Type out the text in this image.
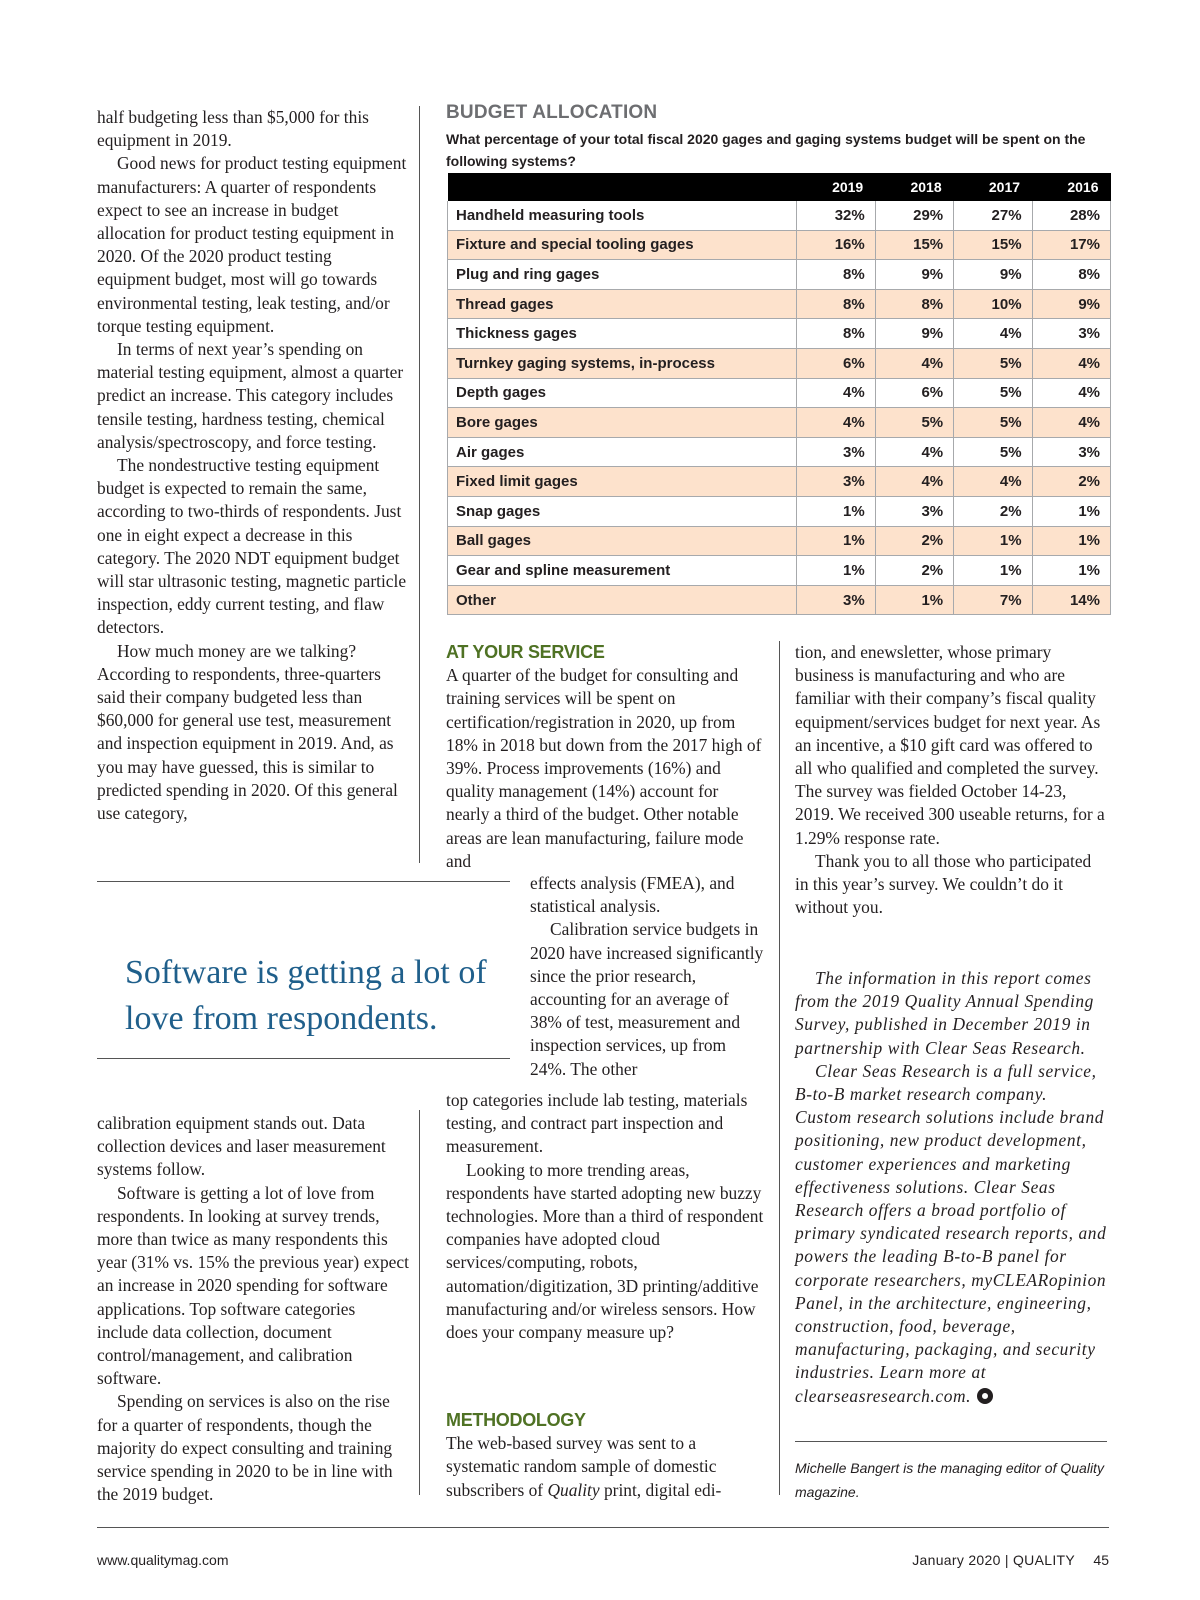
half budgeting less than $5,000 for this equipment in 2019.

Good news for product testing equipment manufacturers: A quarter of respondents expect to see an increase in budget allocation for product testing equipment in 2020. Of the 2020 product testing equipment budget, most will go towards environmental testing, leak testing, and/or torque testing equipment.

In terms of next year’s spending on material testing equipment, almost a quarter predict an increase. This category includes tensile testing, hardness testing, chemical analysis/spectroscopy, and force testing.

The nondestructive testing equipment budget is expected to remain the same, according to two-thirds of respondents. Just one in eight expect a decrease in this category. The 2020 NDT equipment budget will star ultrasonic testing, magnetic particle inspection, eddy current testing, and flaw detectors.

How much money are we talking? According to respondents, three-quarters said their company budgeted less than $60,000 for general use test, measurement and inspection equipment in 2019. And, as you may have guessed, this is similar to predicted spending in 2020. Of this general use category,

Software is getting a lot of love from respondents.

calibration equipment stands out. Data collection devices and laser measurement systems follow.

Software is getting a lot of love from respondents. In looking at survey trends, more than twice as many respondents this year (31% vs. 15% the previous year) expect an increase in 2020 spending for software applications. Top software categories include data collection, document control/management, and calibration software.

Spending on services is also on the rise for a quarter of respondents, though the majority do expect consulting and training service spending in 2020 to be in line with the 2019 budget.

BUDGET ALLOCATION
What percentage of your total fiscal 2020 gages and gaging systems budget will be spent on the following systems?
	2019	2018	2017	2016
Handheld measuring tools	32%	29%	27%	28%
Fixture and special tooling gages	16%	15%	15%	17%
Plug and ring gages	8%	9%	9%	8%
Thread gages	8%	8%	10%	9%
Thickness gages	8%	9%	4%	3%
Turnkey gaging systems, in-process	6%	4%	5%	4%
Depth gages	4%	6%	5%	4%
Bore gages	4%	5%	5%	4%
Air gages	3%	4%	5%	3%
Fixed limit gages	3%	4%	4%	2%
Snap gages	1%	3%	2%	1%
Ball gages	1%	2%	1%	1%
Gear and spline measurement	1%	2%	1%	1%
Other	3%	1%	7%	14%
AT YOUR SERVICE

A quarter of the budget for consulting and training services will be spent on certification/registration in 2020, up from 18% in 2018 but down from the 2017 high of 39%. Process improvements (16%) and quality management (14%) account for nearly a third of the budget. Other notable areas are lean manufacturing, failure mode and

effects analysis (FMEA), and statistical analysis.

Calibration service budgets in 2020 have increased significantly since the prior research, accounting for an average of 38% of test, measurement and inspection services, up from 24%. The other

top categories include lab testing, materials testing, and contract part inspection and measurement.

Looking to more trending areas, respondents have started adopting new buzzy technologies. More than a third of respondent companies have adopted cloud services/computing, robots, automation/digitization, 3D printing/additive manufacturing and/or wireless sensors. How does your company measure up?

METHODOLOGY

The web-based survey was sent to a systematic random sample of domestic subscribers of Quality print, digital edi-

tion, and enewsletter, whose primary business is manufacturing and who are familiar with their company’s fiscal quality equipment/services budget for next year. As an incentive, a $10 gift card was offered to all who qualified and completed the survey. The survey was fielded October 14-23, 2019. We received 300 useable returns, for a 1.29% response rate.

Thank you to all those who participated in this year’s survey. We couldn’t do it without you.

The information in this report comes from the 2019 Quality Annual Spending Survey, published in December 2019 in partnership with Clear Seas Research.

Clear Seas Research is a full service, B-to-B market research company. Custom research solutions include brand positioning, new product development, customer experiences and marketing effectiveness solutions. Clear Seas Research offers a broad portfolio of primary syndicated research reports, and powers the leading B-to-B panel for corporate researchers, myCLEARopinion Panel, in the architecture, engineering, construction, food, beverage, manufacturing, packaging, and security industries. Learn more at clearseasresearch.com.

Michelle Bangert is the managing editor of Quality magazine.
www.qualitymag.com	January 2020 | QUALITY 45
